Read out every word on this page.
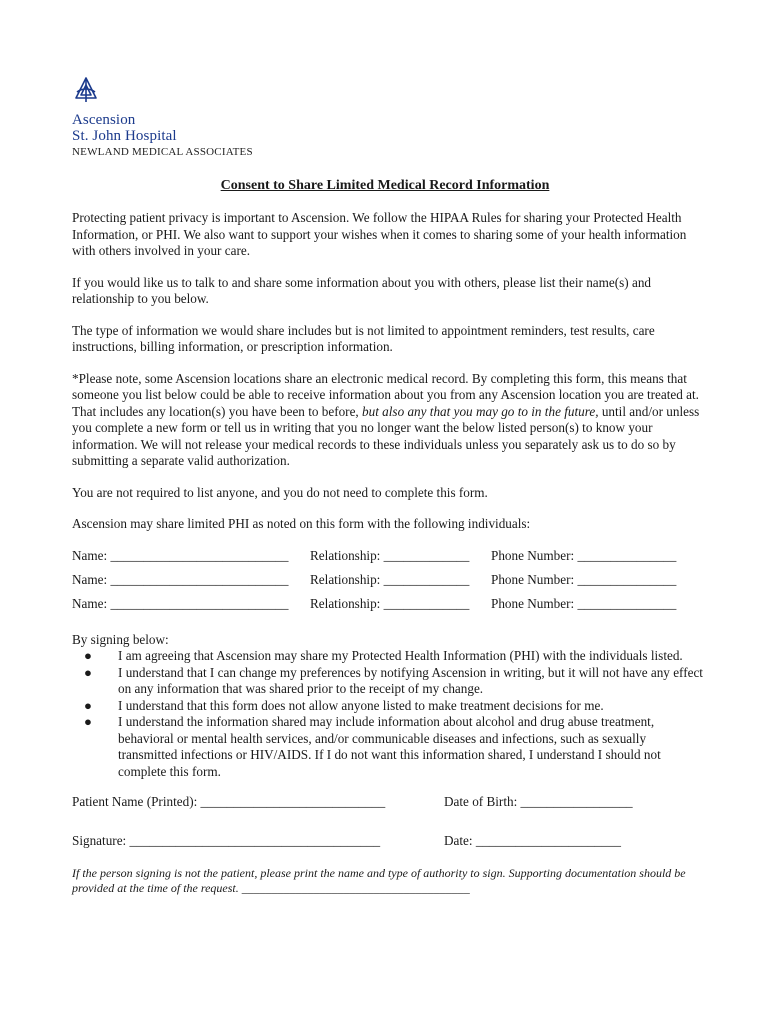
Ascension
St. John Hospital
NEWLAND MEDICAL ASSOCIATES
Consent to Share Limited Medical Record Information

Protecting patient privacy is important to Ascension. We follow the HIPAA Rules for sharing your Protected Health Information, or PHI. We also want to support your wishes when it comes to sharing some of your health information with others involved in your care.

If you would like us to talk to and share some information about you with others, please list their name(s) and relationship to you below.

The type of information we would share includes but is not limited to appointment reminders, test results, care instructions, billing information, or prescription information.

*Please note, some Ascension locations share an electronic medical record. By completing this form, this means that someone you list below could be able to receive information about you from any Ascension location you are treated at. That includes any location(s) you have been to before, but also any that you may go to in the future, until and/or unless you complete a new form or tell us in writing that you no longer want the below listed person(s) to know your information. We will not release your medical records to these individuals unless you separately ask us to do so by submitting a separate valid authorization.

You are not required to list anyone, and you do not need to complete this form.

Ascension may share limited PHI as noted on this form with the following individuals:

Name: ___________________________	Relationship: _____________	Phone Number: _______________
Name: ___________________________	Relationship: _____________	Phone Number: _______________
Name: ___________________________	Relationship: _____________	Phone Number: _______________
By signing below:
● I am agreeing that Ascension may share my Protected Health Information (PHI) with the individuals listed.
● I understand that I can change my preferences by notifying Ascension in writing, but it will not have any effect on any information that was shared prior to the receipt of my change.
● I understand that this form does not allow anyone listed to make treatment decisions for me.
● I understand the information shared may include information about alcohol and drug abuse treatment, behavioral or mental health services, and/or communicable diseases and infections, such as sexually transmitted infections or HIV/AIDS. If I do not want this information shared, I understand I should not complete this form.
Patient Name (Printed): ____________________________	Date of Birth: _________________
Signature: ______________________________________	Date: ______________________
If the person signing is not the patient, please print the name and type of authority to sign. Supporting documentation should be provided at the time of the request. ______________________________________
